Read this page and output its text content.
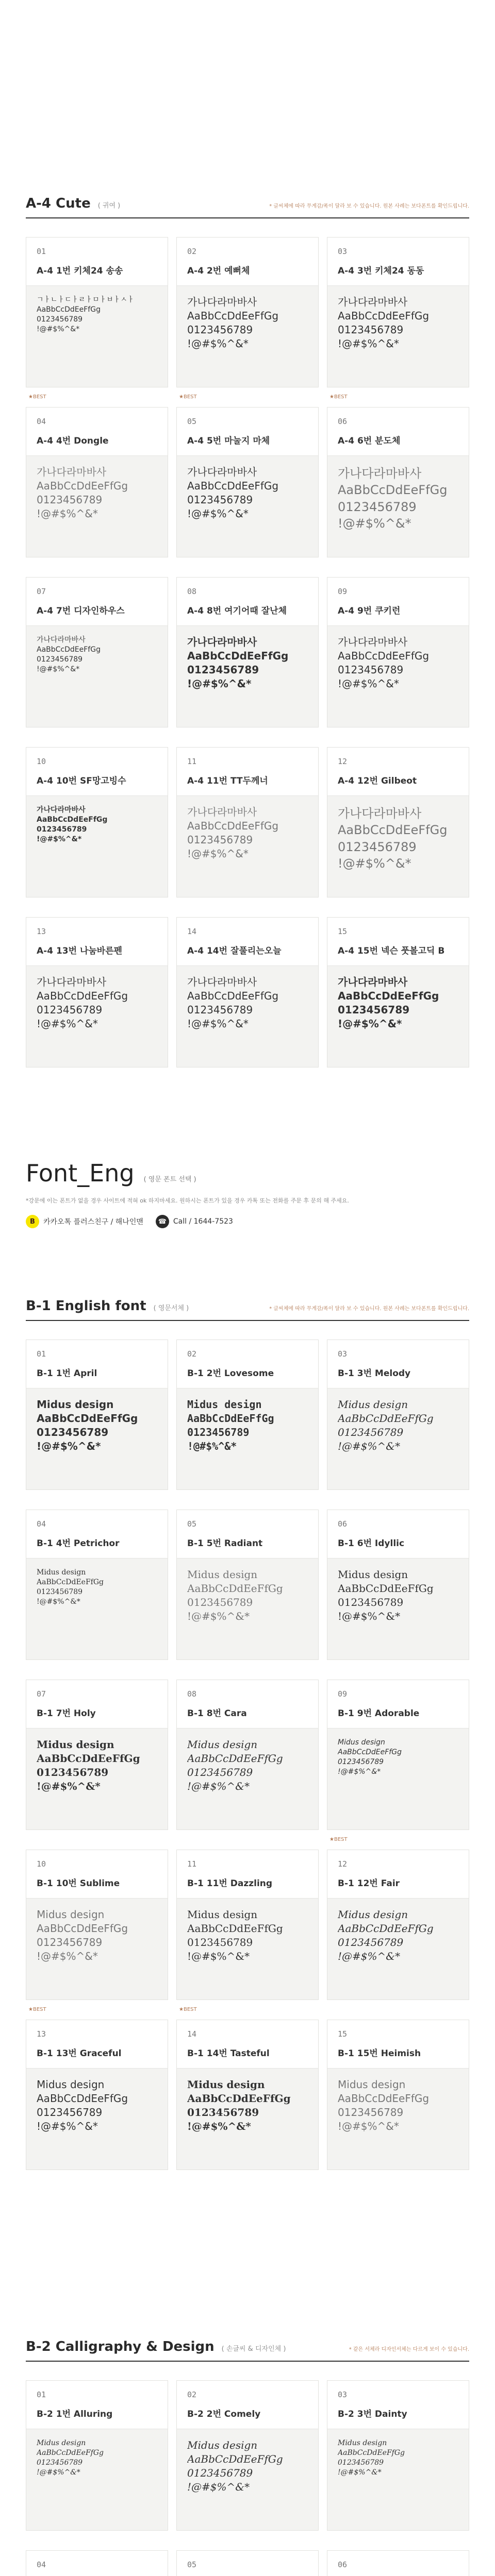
A-4 Cute ( 귀여 )	* 글씨체에 따라 무게감/폭이 달라 보 수 있습니다. 원본 사례는 보다폰트를 확인드립니다.
01
A-4 1번 키체24 송송
ㄱㅏㄴㅏㄷㅏㄹㅏㅁㅏㅂㅏㅅㅏ
AaBbCcDdEeFfGg
0123456789
!@#$%^&*
02
A-4 2번 예뻐체
가나다라마바사
AaBbCcDdEeFfGg
0123456789
!@#$%^&*
03
A-4 3번 키체24 동동
가나다라마바사
AaBbCcDdEeFfGg
0123456789
!@#$%^&*
★BEST
04
A-4 4번 Dongle
가나다라마바사
AaBbCcDdEeFfGg
0123456789
!@#$%^&*
★BEST
05
A-4 5번 마눌지 마체
가나다라마바사
AaBbCcDdEeFfGg
0123456789
!@#$%^&*
★BEST
06
A-4 6번 분도체
가나다라마바사
AaBbCcDdEeFfGg
0123456789
!@#$%^&*
07
A-4 7번 디자인하우스
가나다라마바사
AaBbCcDdEeFfGg
0123456789
!@#$%^&*
08
A-4 8번 여기어때 잘난체
가나다라마바사
AaBbCcDdEeFfGg
0123456789
!@#$%^&*
09
A-4 9번 쿠키런
가나다라마바사
AaBbCcDdEeFfGg
0123456789
!@#$%^&*
10
A-4 10번 SF망고빙수
가나다라마바사
AaBbCcDdEeFfGg
0123456789
!@#$%^&*
11
A-4 11번 TT두께너
가나다라마바사
AaBbCcDdEeFfGg
0123456789
!@#$%^&*
12
A-4 12번 Gilbeot
가나다라마바사
AaBbCcDdEeFfGg
0123456789
!@#$%^&*
13
A-4 13번 나눔바른펜
가나다라마바사
AaBbCcDdEeFfGg
0123456789
!@#$%^&*
14
A-4 14번 잘풀리는오늘
가나다라마바사
AaBbCcDdEeFfGg
0123456789
!@#$%^&*
15
A-4 15번 넥슨 풋볼고딕 B
가나다라마바사
AaBbCcDdEeFfGg
0123456789
!@#$%^&*
Font_Eng ( 영문 폰트 선택 )
*강문에 이는 폰트가 없을 경우 사이트에 적혀 ok 하지마세요. 원하시는 폰트가 있을 경우 카톡 또는 전화를 주문 후 문의 해 주세요.
B	카카오톡 플러스친구 / 해나인맨	☎ Call / 1644-7523
B-1 English font ( 영문서체 )	* 글씨체에 따라 무게감/폭이 달라 보 수 있습니다. 원본 사례는 보다폰트를 확인드립니다.
01
B-1 1번 April
Midus design
AaBbCcDdEeFfGg
0123456789
!@#$%^&*
02
B-1 2번 Lovesome
Midus design
AaBbCcDdEeFfGg
0123456789
!@#$%^&*
03
B-1 3번 Melody
Midus design
AaBbCcDdEeFfGg
0123456789
!@#$%^&*
04
B-1 4번 Petrichor
Midus design
AaBbCcDdEeFfGg
0123456789
!@#$%^&*
05
B-1 5번 Radiant
Midus design
AaBbCcDdEeFfGg
0123456789
!@#$%^&*
06
B-1 6번 Idyllic
Midus design
AaBbCcDdEeFfGg
0123456789
!@#$%^&*
07
B-1 7번 Holy
Midus design
AaBbCcDdEeFfGg
0123456789
!@#$%^&*
08
B-1 8번 Cara
Midus design
AaBbCcDdEeFfGg
0123456789
!@#$%^&*
09
B-1 9번 Adorable
Midus design
AaBbCcDdEeFfGg
0123456789
!@#$%^&*
10
B-1 10번 Sublime
Midus design
AaBbCcDdEeFfGg
0123456789
!@#$%^&*
11
B-1 11번 Dazzling
Midus design
AaBbCcDdEeFfGg
0123456789
!@#$%^&*
★BEST
12
B-1 12번 Fair
Midus design
AaBbCcDdEeFfGg
0123456789
!@#$%^&*
★BEST
13
B-1 13번 Graceful
Midus design
AaBbCcDdEeFfGg
0123456789
!@#$%^&*
★BEST
14
B-1 14번 Tasteful
Midus design
AaBbCcDdEeFfGg
0123456789
!@#$%^&*
15
B-1 15번 Heimish
Midus design
AaBbCcDdEeFfGg
0123456789
!@#$%^&*
B-2 Calligraphy & Design ( 손글씨 & 디자인체 )	* 같은 서체라 디자인서체는 다르게 보이 수 있습니다.
01
B-2 1번 Alluring
Midus design
AaBbCcDdEeFfGg
0123456789
!@#$%^&*
02
B-2 2번 Comely
Midus design
AaBbCcDdEeFfGg
0123456789
!@#$%^&*
03
B-2 3번 Dainty
Midus design
AaBbCcDdEeFfGg
0123456789
!@#$%^&*
04	05	06
